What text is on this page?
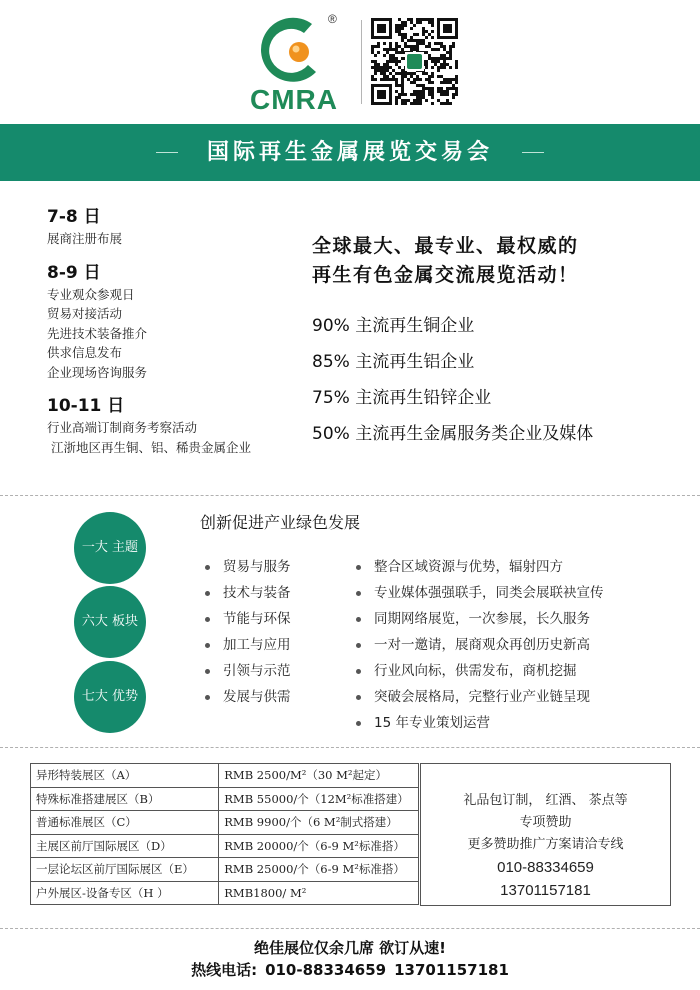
®
CMRA
国际再生金属展览交易会
7-8 日
展商注册布展
8-9 日
专业观众参观日
贸易对接活动
先进技术装备推介
供求信息发布
企业现场咨询服务
10-11 日
行业高端订制商务考察活动
江浙地区再生铜、铝、稀贵金属企业
全球最大、最专业、最权威的
再生有色金属交流展览活动！
90% 主流再生铜企业
85% 主流再生铝企业
75% 主流再生铅锌企业
50% 主流再生金属服务类企业及媒体
一大 主题
六大 板块
七大 优势
创新促进产业绿色发展
贸易与服务
技术与装备
节能与环保
加工与应用
引领与示范
发展与供需
整合区域资源与优势，辐射四方
专业媒体强强联手，同类会展联袂宣传
同期网络展览，一次参展，长久服务
一对一邀请，展商观众再创历史新高
行业风向标，供需发布，商机挖掘
突破会展格局，完整行业产业链呈现
15 年专业策划运营
异形特装展区（A）	RMB 2500/M²（30 M²起定）
特殊标准搭建展区（B）	RMB 55000/个（12M²标准搭建）
普通标准展区（C）	RMB 9900/个（6 M²制式搭建）
主展区前厅国际展区（D）	RMB 20000/个（6-9 M²标准搭）
一层论坛区前厅国际展区（E）	RMB 25000/个（6-9 M²标准搭）
户外展区-设备专区（H ）	RMB1800/ M²
礼品包订制， 红酒、 茶点等
专项赞助
更多赞助推广方案请洽专线
010-88334659
13701157181
绝佳展位仅余几席 欲订从速!
热线电话: 010-88334659 13701157181
